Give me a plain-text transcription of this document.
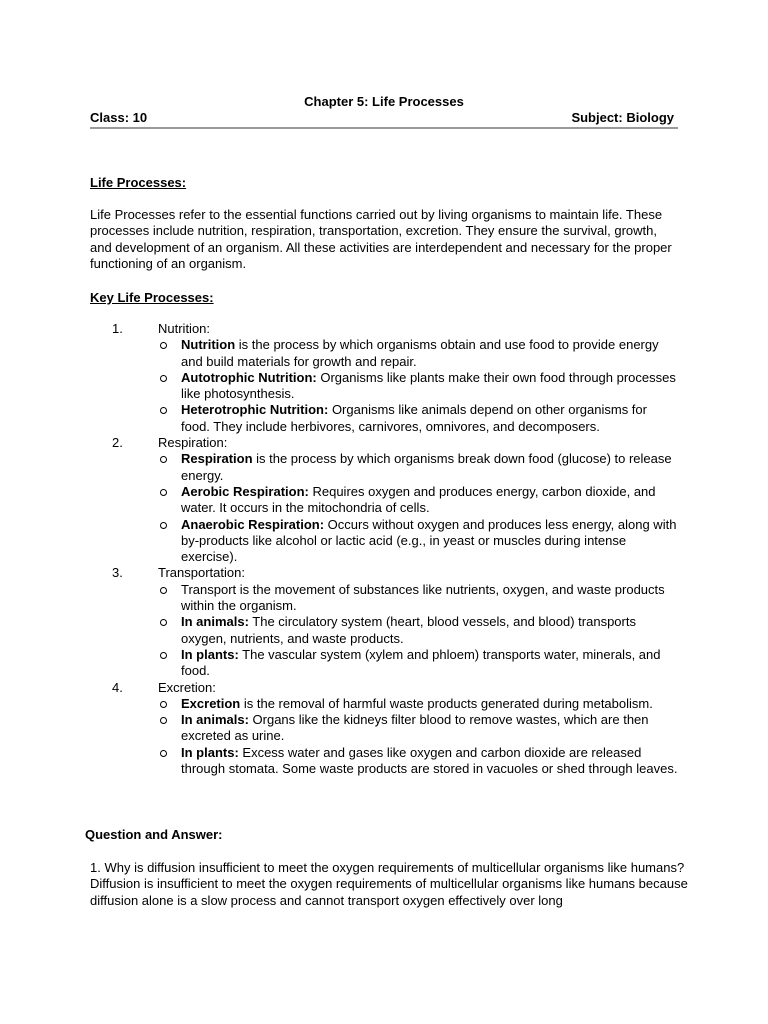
Chapter 5: Life Processes
Class: 10	Subject: Biology
Life Processes:
Life Processes refer to the essential functions carried out by living organisms to maintain life. These processes include nutrition, respiration, transportation, excretion. They ensure the survival, growth, and development of an organism. All these activities are interdependent and necessary for the proper functioning of an organism.
Key Life Processes:
1.	Nutrition:
Nutrition is the process by which organisms obtain and use food to provide energy and build materials for growth and repair.
Autotrophic Nutrition: Organisms like plants make their own food through processes like photosynthesis.
Heterotrophic Nutrition: Organisms like animals depend on other organisms for food. They include herbivores, carnivores, omnivores, and decomposers.
2.	Respiration:
Respiration is the process by which organisms break down food (glucose) to release energy.
Aerobic Respiration: Requires oxygen and produces energy, carbon dioxide, and water. It occurs in the mitochondria of cells.
Anaerobic Respiration: Occurs without oxygen and produces less energy, along with by-products like alcohol or lactic acid (e.g., in yeast or muscles during intense exercise).
3.	Transportation:
Transport is the movement of substances like nutrients, oxygen, and waste products within the organism.
In animals: The circulatory system (heart, blood vessels, and blood) transports oxygen, nutrients, and waste products.
In plants: The vascular system (xylem and phloem) transports water, minerals, and food.
4.	Excretion:
Excretion is the removal of harmful waste products generated during metabolism.
In animals: Organs like the kidneys filter blood to remove wastes, which are then excreted as urine.
In plants: Excess water and gases like oxygen and carbon dioxide are released through stomata. Some waste products are stored in vacuoles or shed through leaves.
Question and Answer:
1. Why is diffusion insufficient to meet the oxygen requirements of multicellular organisms like humans?
Diffusion is insufficient to meet the oxygen requirements of multicellular organisms like humans because diffusion alone is a slow process and cannot transport oxygen effectively over long
